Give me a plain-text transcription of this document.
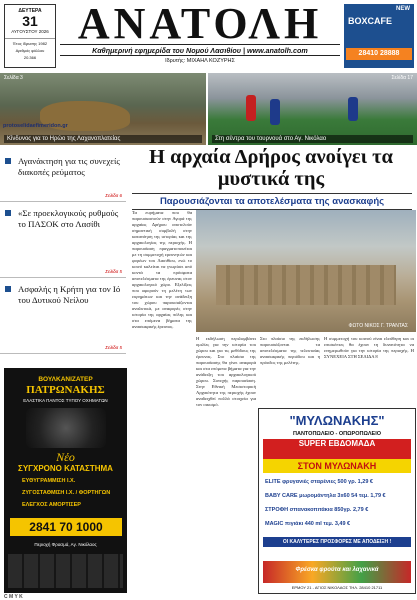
ΔΕΥΤΕΡΑ
31
ΑΥΓΟΥΣΤΟΥ 2026
Έτος ίδρυσης 1982
Αριθμός φύλλου
20.366
ΑΝΑΤΟΛΗ
Καθημερινή εφημερίδα του Νομού Λασιθίου | www.anatolh.com
Ιδρυτής: ΜΙΧΑΗΛ ΚΟΖΥΡΗΣ
NEW
BOXCAFE
28410 28888
Σελίδα 3
Κίνδυνος για το Ηρώο της Λαχανοπλατείας
Σελίδα 17
Στη σέντρα του τουρνουά στο Αγ. Νικόλαο
protoselidaefimeridon.gr
Αγανάκτηση για τις συνεχείς διακοπές ρεύματος
Σελίδα 6
«Σε προεκλογικούς ρυθμούς το ΠΑΣΟΚ στο Λασίθι
Σελίδα 5
Ασφαλής η Κρήτη για τον Ιό του Δυτικού Νείλου
Σελίδα 5
ΒΟΥΛΚΑΝΙΖΑΤΕΡ
ΠΑΤΡΩΝΑΚΗΣ
ΕΛΑΣΤΙΚΑ ΠΑΝΤΟΣ ΤΥΠΟΥ ΟΧΗΜΑΤΩΝ
Νέο
ΣΥΓΧΡΟΝΟ ΚΑΤΑΣΤΗΜΑ
ΕΥΘΥΓΡΑΜΜΙΣΗ Ι.Χ.
ΖΥΓΟΣΤΑΘΜΙΣΗ Ι.Χ. / ΦΟΡΤΗΓΩΝ
ΕΛΕΓΧΟΣ ΑΜΟΡΤΙΣΕΡ
2841 70 1000
Περιοχή Φρασμά, Αγ. Νικόλαος
Η αρχαία Δρήρος ανοίγει τα μυστικά της
Παρουσιάζονται τα αποτελέσματα της ανασκαφής
Τα ευρήματα που θα παρουσιαστούν στην Αγορά της αρχαίας Δρήρου αποτελούν σημαντική συμβολή στην κατανόηση της ιστορίας και της αρχαιολογίας της περιοχής. Η παρουσίαση πραγματοποιείται με τη συμμετοχή ερευνητών και φορέων του Λασιθίου, ενώ το κοινό καλείται να γνωρίσει από κοντά τα πρόσφατα αποτελέσματα της έρευνας στον αρχαιολογικό χώρο. Εξελίξεις που αφορούν τη μελέτη των ευρημάτων και την ανάδειξη του χώρου παρουσιάζονται αναλυτικά, με αναφορές στην ιστορία της αρχαίας πόλης και στα επόμενα βήματα της ανασκαφικής έρευνας.	ΦΩΤΟ ΝΙΚΟΣ Γ. ΤΡΑΝΤΑΣ
Η εκδήλωση περιλαμβάνει ομιλίες για την ιστορία του χώρου και για τις μεθόδους της έρευνας. Στο πλαίσιο της παρουσίασης θα γίνει αναφορά και στα επόμενα βήματα για την ανάδειξη του αρχαιολογικού χώρου. Συνεχής παρουσίαση. Στην Εθνική Μεσιστορική Αρχαιότητα της περιοχής έχουν αναδειχθεί πολλά στοιχεία για τον οικισμό.
Στο πλαίσιο της εκδήλωσης παρουσιάζονται τα αποτελέσματα της τελευταίας ανασκαφικής περιόδου και η πρόοδος της μελέτης.
Η συμμετοχή του κοινού είναι ελεύθερη και οι επισκέπτες θα έχουν τη δυνατότητα να ενημερωθούν για την ιστορία της περιοχής. Η ΣΥΝΕΧΕΙΑ ΣΤΗ ΣΕΛΙΔΑ 8
"ΜΥΛΩΝΑΚΗΣ"
ΠΑΝΤΟΠΩΛΕΙΟ - ΟΠΩΡΟΠΩΛΕΙΟ
SUPER ΕΒΔΟΜΑΔΑ
ΣΤΟΝ ΜΥΛΩΝΑΚΗ
ELITE φρυγανιές σταρένιες 500 γρ. 1,29 €
BABY CARE μωρομάντηλα 3x60 54 τεμ. 1,79 €
ΣΤΡΟΦΗ σπανακοπιτάκια 850γρ. 2,79 €
MAGIC πιγιάκι 440 ml τεμ. 3,49 €
ΟΙ ΚΑΛΥΤΕΡΕΣ ΠΡΟΣΦΟΡΕΣ ΜΕ ΑΠΟΔΕΙΞΗ !
Φρέσκα φρούτα και λαχανικά
ΕΡΜΟΥ 21 - ΑΓΙΟΣ ΝΙΚΟΛΑΟΣ ΤΗΛ. 28410 21711
C M Y K
